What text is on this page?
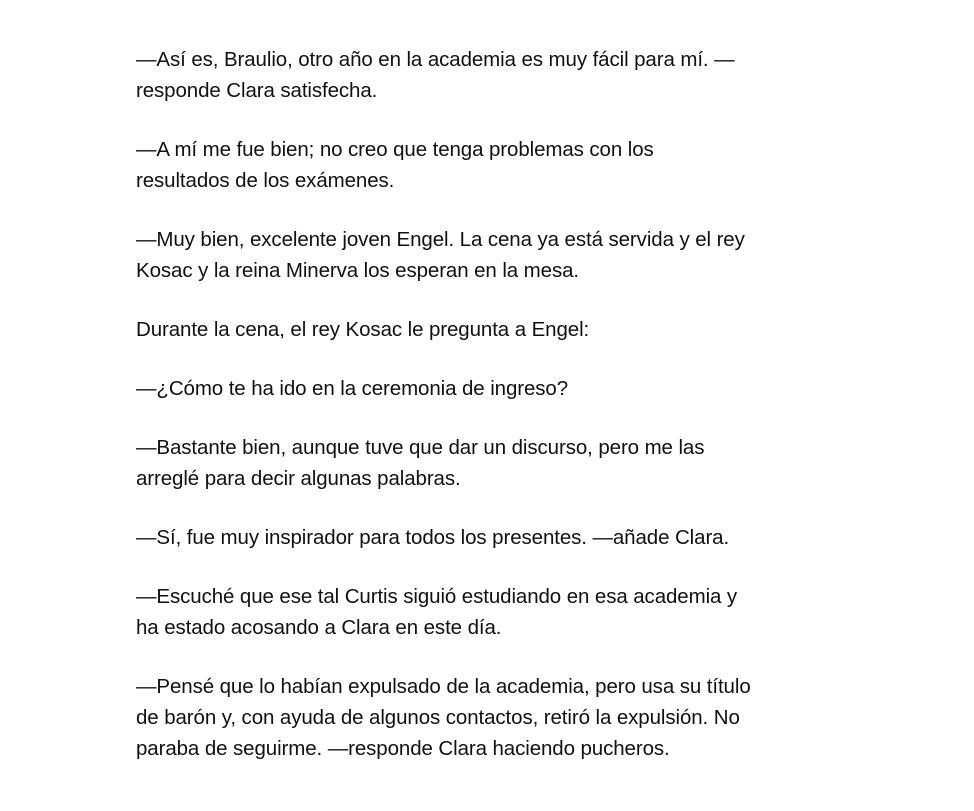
—Así es, Braulio, otro año en la academia es muy fácil para mí. —
responde Clara satisfecha.

—A mí me fue bien; no creo que tenga problemas con los
resultados de los exámenes.

—Muy bien, excelente joven Engel. La cena ya está servida y el rey
Kosac y la reina Minerva los esperan en la mesa.

Durante la cena, el rey Kosac le pregunta a Engel:

—¿Cómo te ha ido en la ceremonia de ingreso?

—Bastante bien, aunque tuve que dar un discurso, pero me las
arreglé para decir algunas palabras.

—Sí, fue muy inspirador para todos los presentes. —añade Clara.

—Escuché que ese tal Curtis siguió estudiando en esa academia y
ha estado acosando a Clara en este día.

—Pensé que lo habían expulsado de la academia, pero usa su título
de barón y, con ayuda de algunos contactos, retiró la expulsión. No
paraba de seguirme. —responde Clara haciendo pucheros.
